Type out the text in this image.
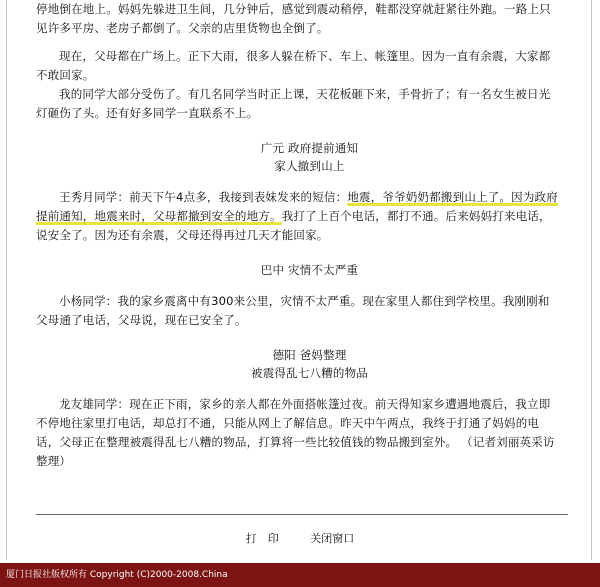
停地倒在地上。妈妈先躲进卫生间，几分钟后，感觉到震动稍停，鞋都没穿就赶紧往外跑。一路上只见许多平房、老房子都倒了。父亲的店里货物也全倒了。

现在，父母都在广场上。正下大雨，很多人躲在桥下、车上、帐篷里。因为一直有余震，大家都不敢回家。

我的同学大部分受伤了。有几名同学当时正上课，天花板砸下来，手骨折了；有一名女生被日光灯砸伤了头。还有好多同学一直联系不上。

广元 政府提前通知

家人撤到山上

王秀月同学：前天下午4点多，我接到表妹发来的短信：地震，爷爷奶奶都搬到山上了。因为政府提前通知，地震来时，父母都撤到安全的地方。我打了上百个电话，都打不通。后来妈妈打来电话，说安全了。因为还有余震，父母还得再过几天才能回家。

巴中 灾情不太严重

小杨同学：我的家乡震离中有300来公里，灾情不太严重。现在家里人都住到学校里。我刚刚和父母通了电话，父母说，现在已安全了。

德阳 爸妈整理

被震得乱七八糟的物品

龙友雄同学：现在正下雨，家乡的亲人都在外面搭帐篷过夜。前天得知家乡遭遇地震后，我立即不停地往家里打电话，却总打不通，只能从网上了解信息。昨天中午两点，我终于打通了妈妈的电话，父母正在整理被震得乱七八糟的物品，打算将一些比较值钱的物品搬到室外。 （记者刘丽英采访整理）

打　印	关闭窗口
厦门日报社版权所有 Copyright (C)2000-2008.China
